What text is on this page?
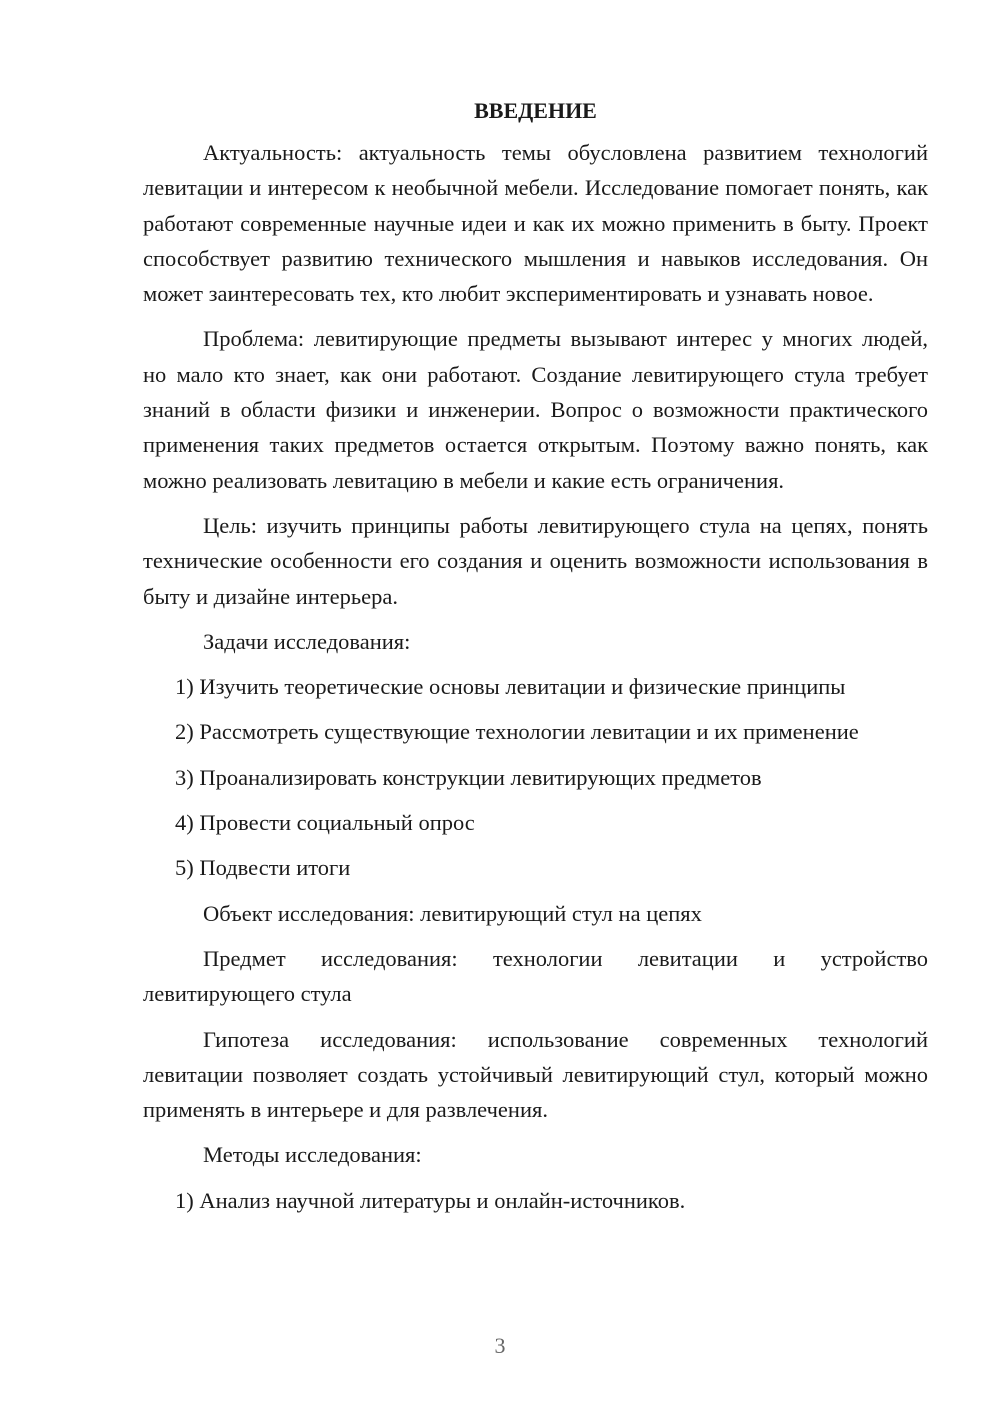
ВВЕДЕНИЕ
Актуальность: актуальность темы обусловлена развитием технологий левитации и интересом к необычной мебели. Исследование помогает понять, как работают современные научные идеи и как их можно применить в быту. Проект способствует развитию технического мышления и навыков исследования. Он может заинтересовать тех, кто любит экспериментировать и узнавать новое.
Проблема: левитирующие предметы вызывают интерес у многих людей, но мало кто знает, как они работают. Создание левитирующего стула требует знаний в области физики и инженерии. Вопрос о возможности практического применения таких предметов остается открытым. Поэтому важно понять, как можно реализовать левитацию в мебели и какие есть ограничения.
Цель: изучить принципы работы левитирующего стула на цепях, понять технические особенности его создания и оценить возможности использования в быту и дизайне интерьера.
Задачи исследования:
1) Изучить теоретические основы левитации и физические принципы
2) Рассмотреть существующие технологии левитации и их применение
3) Проанализировать конструкции левитирующих предметов
4) Провести социальный опрос
5) Подвести итоги
Объект исследования: левитирующий стул на цепях
Предмет исследования: технологии левитации и устройство левитирующего стула
Гипотеза исследования: использование современных технологий левитации позволяет создать устойчивый левитирующий стул, который можно применять в интерьере и для развлечения.
Методы исследования:
1) Анализ научной литературы и онлайн-источников.
3
